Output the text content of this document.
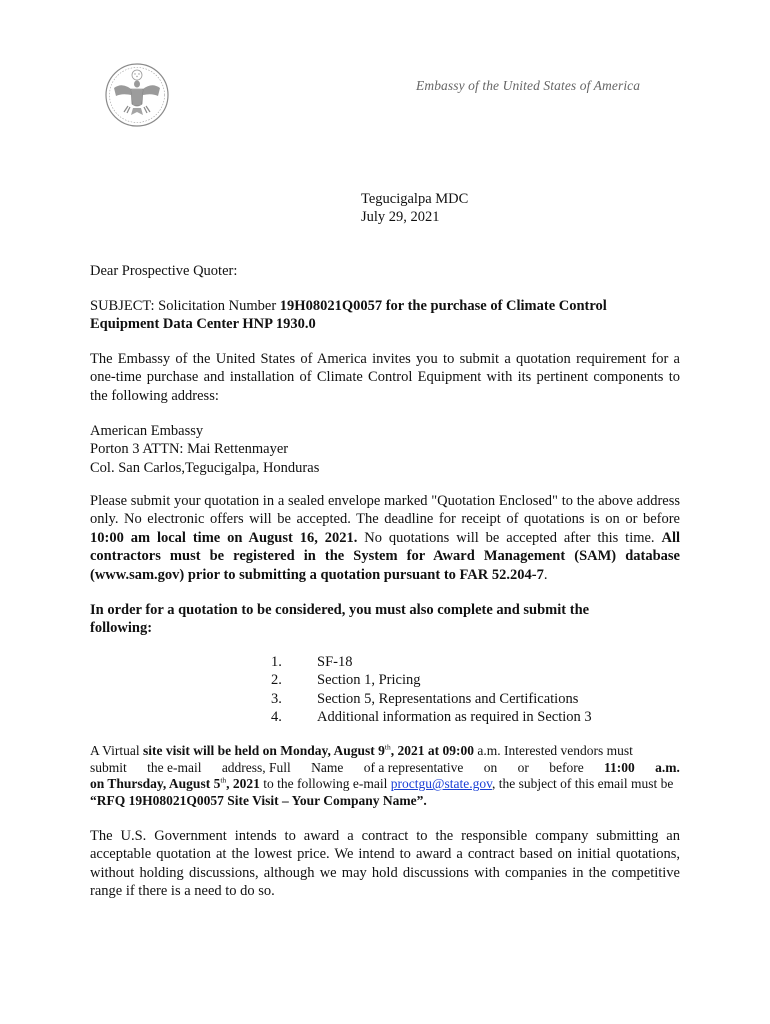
Embassy of the United States of America
Tegucigalpa MDC
July 29, 2021
Dear Prospective Quoter:
SUBJECT: Solicitation Number 19H08021Q0057 for the purchase of Climate Control
Equipment Data Center HNP 1930.0
The Embassy of the United States of America invites you to submit a quotation requirement for a one-time purchase and installation of Climate Control Equipment with its pertinent components to the following address:
American Embassy
Porton 3 ATTN: Mai Rettenmayer
Col. San Carlos,Tegucigalpa, Honduras
Please submit your quotation in a sealed envelope marked "Quotation Enclosed" to the above address only. No electronic offers will be accepted. The deadline for receipt of quotations is on or before 10:00 am local time on August 16, 2021. No quotations will be accepted after this time. All contractors must be registered in the System for Award Management (SAM) database (www.sam.gov) prior to submitting a quotation pursuant to FAR 52.204-7.
In order for a quotation to be considered, you must also complete and submit the following:
1.	SF-18
2.	Section 1, Pricing
3.	Section 5, Representations and Certifications
4.	Additional information as required in Section 3
A Virtual site visit will be held on Monday, August 9th, 2021 at 09:00 a.m. Interested vendors must
submit the e-mail address, Full Name of a representative on or before 11:00 a.m.
on Thursday, August 5th, 2021 to the following e-mail proctgu@state.gov, the subject of this email must be “RFQ 19H08021Q0057 Site Visit – Your Company Name”.
The U.S. Government intends to award a contract to the responsible company submitting an acceptable quotation at the lowest price. We intend to award a contract based on initial quotations, without holding discussions, although we may hold discussions with companies in the competitive range if there is a need to do so.
